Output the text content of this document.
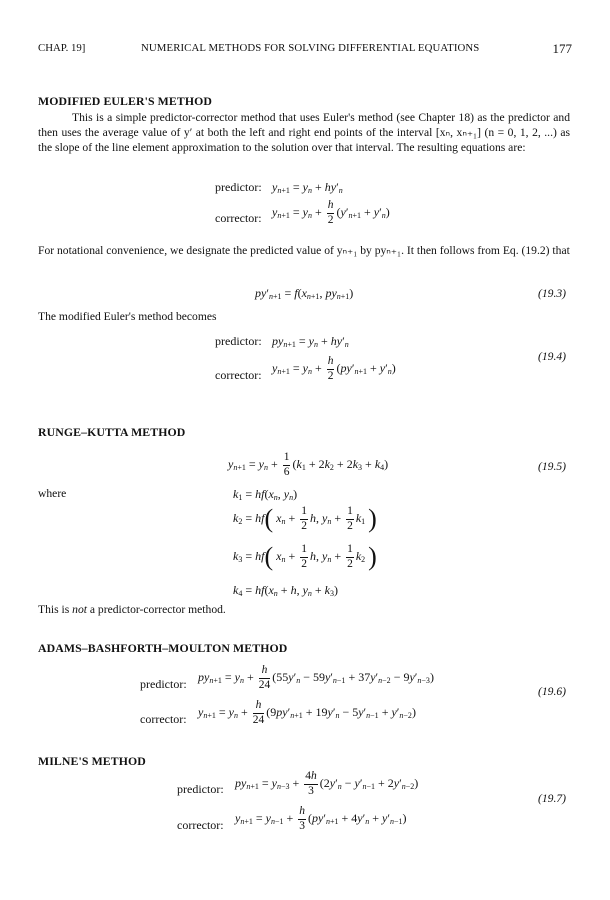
CHAP. 19]	NUMERICAL METHODS FOR SOLVING DIFFERENTIAL EQUATIONS	177
MODIFIED EULER'S METHOD

This is a simple predictor-corrector method that uses Euler's method (see Chapter 18) as the predictor and then uses the average value of y′ at both the left and right end points of the interval [xₙ, xₙ₊₁] (n = 0, 1, 2, ...) as the slope of the line element approximation to the solution over that interval. The resulting equations are:

predictor: $y_{n+1} = y_n + hy'_n$
corrector: $y_{n+1} = y_n + \frac{h}{2} (y'_{n+1} + y'_n)$

For notational convenience, we designate the predicted value of yₙ₊₁ by pyₙ₊₁. It then follows from Eq. (19.2) that

$py'_{n+1} = f(x_{n+1}$, $py_{n+1}$)	(19.3)

The modified Euler's method becomes

predictor: $py_{n+1} = y_n + hy'_n$
(19.4)
corrector:
$y_{n+1} = y_n + \frac{h}{2} (py'_{n+1} + y'_n)$
RUNGE–KUTTA METHOD
$y_{n+1} = y_n + \frac{1}{6} (k_1 + 2k_2 + 2k_3 + k_4)$	(19.5)
where	$k_1 = hf(x_n$, $y_n$)
$k_2 = hf$( $x_n + \frac{1}{2} h$, $y_n + \frac{1}{2} k_1$ )
$k_3 = hf$( $x_n + \frac{1}{2} h$, $y_n + \frac{1}{2} k_2$ )
$k_4 = hf(x_n + h$, $y_n + k_3$)

This is not a predictor-corrector method.

ADAMS–BASHFORTH–MOULTON METHOD
predictor:
$py_{n+1} = y_n + \frac{h}{24} (55y'_n - 59y'_{n-1} + 37y'_{n-2} - 9y'_{n-3})$
(19.6)
corrector:
$y_{n+1} = y_n + \frac{h}{24} (9py'_{n+1} + 19y'_n - 5y'_{n-1} + y'_{n-2})$
MILNE'S METHOD
predictor: $py_{n+1} = y_{n-3} + \frac{4h}{3} (2y'_n - y'_{n-1} + 2y'_{n-2})$
(19.7)
corrector:
$y_{n+1} = y_{n-1} + \frac{h}{3} (py'_{n+1} + 4y'_n + y'_{n-1})$
